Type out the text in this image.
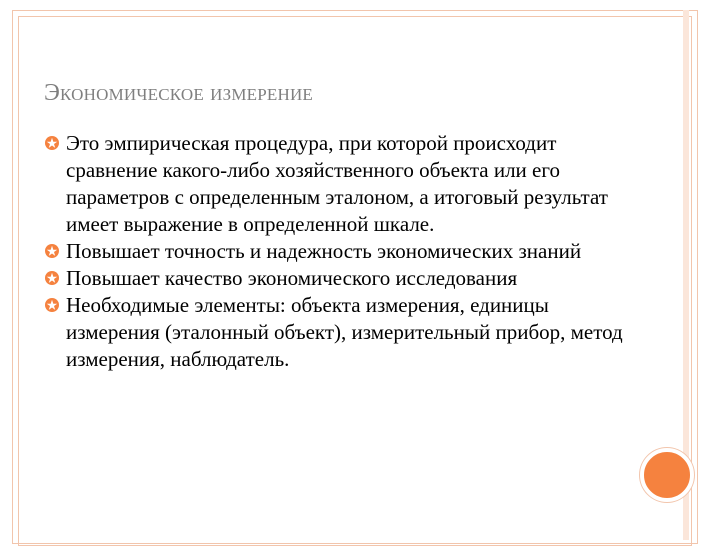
Экономическое измерение
Это эмпирическая процедура, при которой происходит сравнение какого-либо хозяйственного объекта или его параметров с определенным эталоном, а итоговый результат имеет выражение в определенной шкале.
Повышает точность и надежность экономических знаний
Повышает качество экономического исследования
Необходимые элементы: объекта измерения, единицы измерения (эталонный объект), измерительный прибор, метод измерения, наблюдатель.
